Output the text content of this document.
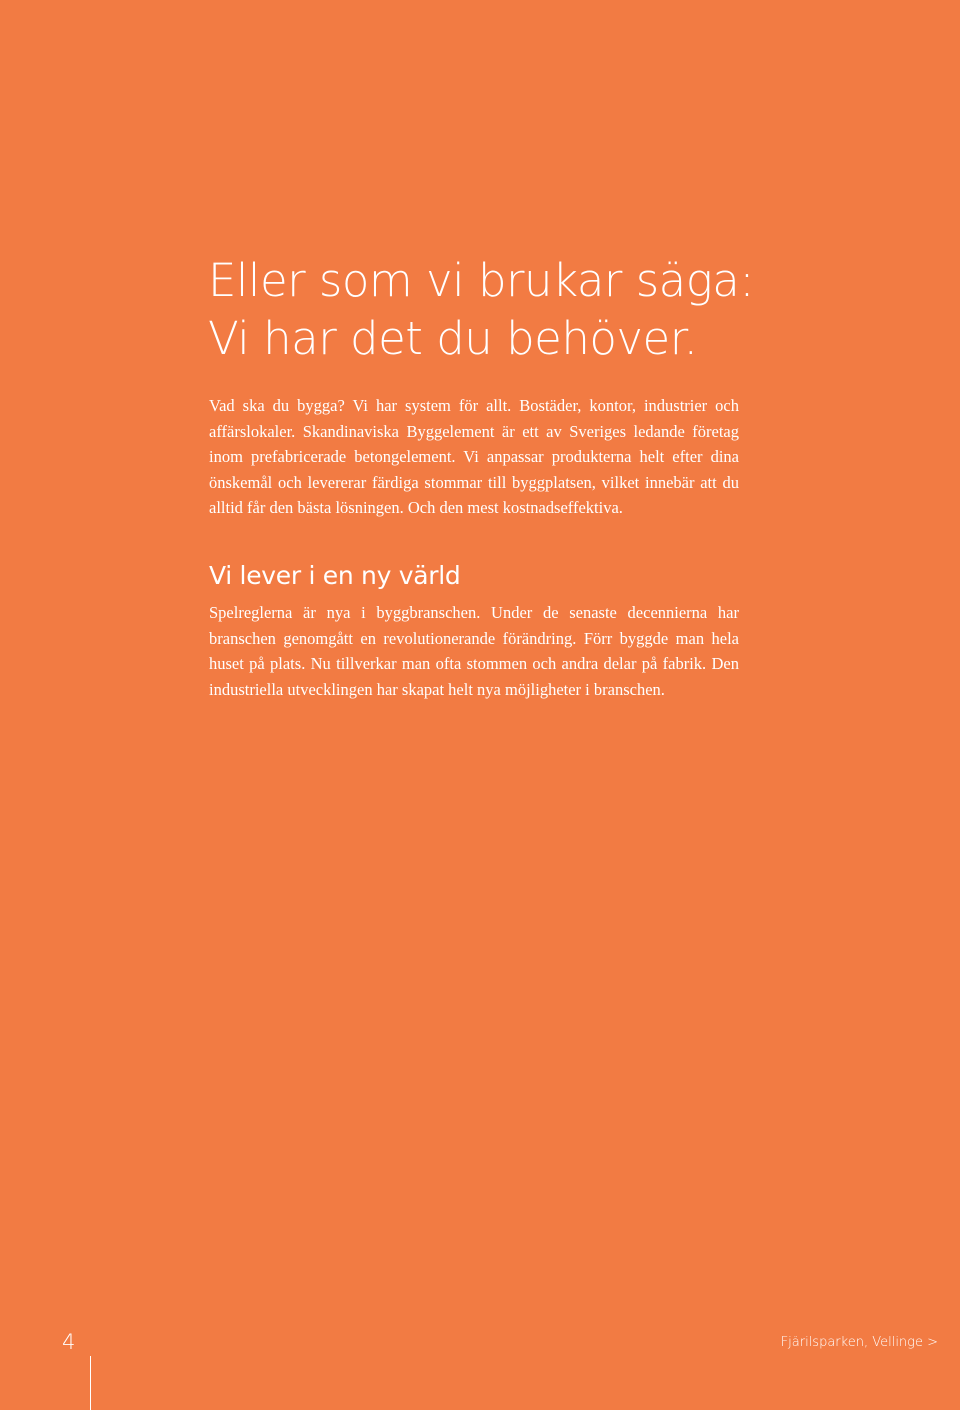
Eller som vi brukar säga:
Vi har det du behöver.

Vad ska du bygga? Vi har system för allt. Bostäder, kontor, industrier och affärslokaler. Skandinaviska Byggelement är ett av Sveriges ledande företag inom prefabricerade betongelement. Vi anpassar produkterna helt efter dina önskemål och levererar färdiga stommar till byggplatsen, vilket innebär att du alltid får den bästa lösningen. Och den mest kostnadseffektiva.

Vi lever i en ny värld

Spelreglerna är nya i byggbranschen. Under de senaste decennierna har branschen genomgått en revolutionerande förändring. Förr byggde man hela huset på plats. Nu tillverkar man ofta stommen och andra delar på fabrik. Den industriella utvecklingen har skapat helt nya möjligheter i branschen.

4	Fjärilsparken, Vellinge >
